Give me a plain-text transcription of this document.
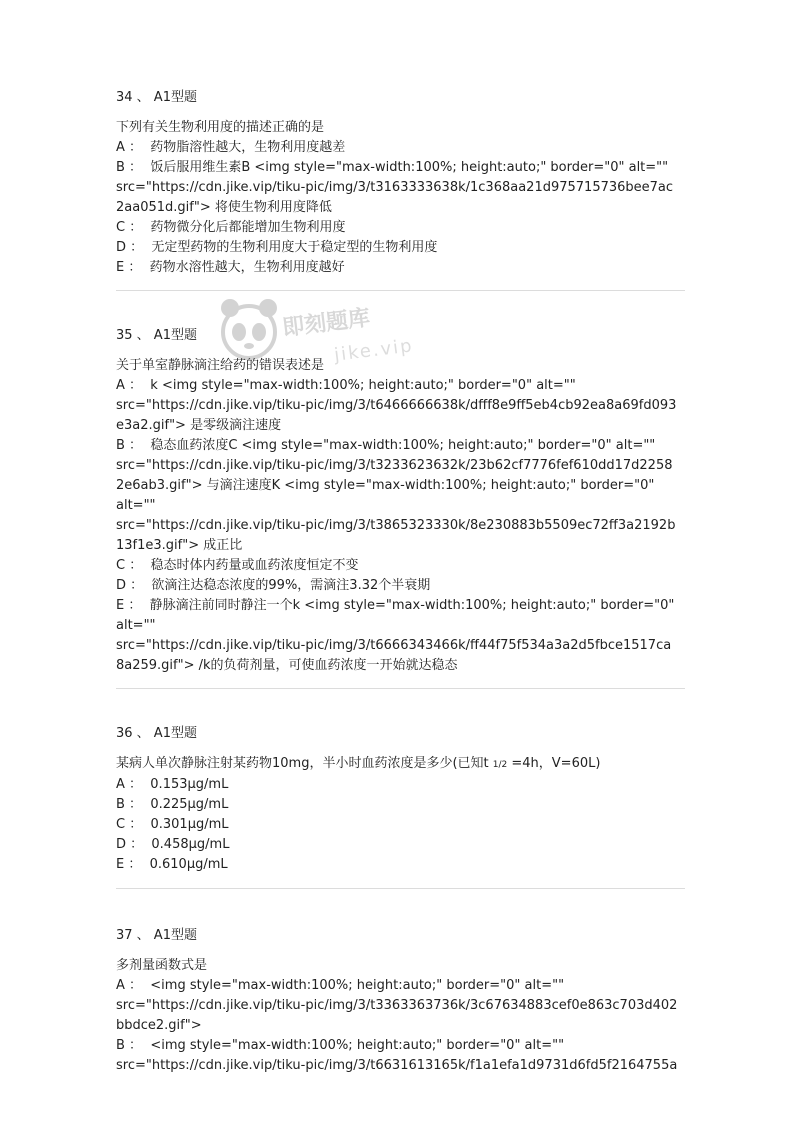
34 、 A1型题

下列有关生物利用度的描述正确的是

A ：  药物脂溶性越大，生物利用度越差

B ：  饭后服用维生素B <img style="max-width:100%; height:auto;" border="0" alt=""

src="https://cdn.jike.vip/tiku-pic/img/3/t3163333638k/1c368aa21d975715736bee7ac

2aa051d.gif"> 将使生物利用度降低

C ：  药物微分化后都能增加生物利用度

D ：  无定型药物的生物利用度大于稳定型的生物利用度

E ：  药物水溶性越大，生物利用度越好

35 、 A1型题

关于单室静脉滴注给药的错误表述是

A ：  k <img style="max-width:100%; height:auto;" border="0" alt=""

src="https://cdn.jike.vip/tiku-pic/img/3/t6466666638k/dfff8e9ff5eb4cb92ea8a69fd093

e3a2.gif"> 是零级滴注速度

B ：  稳态血药浓度C <img style="max-width:100%; height:auto;" border="0" alt=""

src="https://cdn.jike.vip/tiku-pic/img/3/t3233623632k/23b62cf7776fef610dd17d2258

2e6ab3.gif"> 与滴注速度K <img style="max-width:100%; height:auto;" border="0"

alt=""

src="https://cdn.jike.vip/tiku-pic/img/3/t3865323330k/8e230883b5509ec72ff3a2192b

13f1e3.gif"> 成正比

C ：  稳态时体内药量或血药浓度恒定不变

D ：  欲滴注达稳态浓度的99%，需滴注3.32个半衰期

E ：  静脉滴注前同时静注一个k <img style="max-width:100%; height:auto;" border="0"

alt=""

src="https://cdn.jike.vip/tiku-pic/img/3/t6666343466k/ff44f75f534a3a2d5fbce1517ca

8a259.gif"> /k的负荷剂量，可使血药浓度一开始就达稳态

36 、 A1型题

某病人单次静脉注射某药物10mg，半小时血药浓度是多少(已知t 1/2 =4h，V=60L)

A ：  0.153μg/mL

B ：  0.225μg/mL

C ：  0.301μg/mL

D ：  0.458μg/mL

E ：  0.610μg/mL

37 、 A1型题

多剂量函数式是

A ：  <img style="max-width:100%; height:auto;" border="0" alt=""

src="https://cdn.jike.vip/tiku-pic/img/3/t3363363736k/3c67634883cef0e863c703d402

bbdce2.gif">

B ：  <img style="max-width:100%; height:auto;" border="0" alt=""

src="https://cdn.jike.vip/tiku-pic/img/3/t6631613165k/f1a1efa1d9731d6fd5f2164755a

即刻题库
jike.vip
